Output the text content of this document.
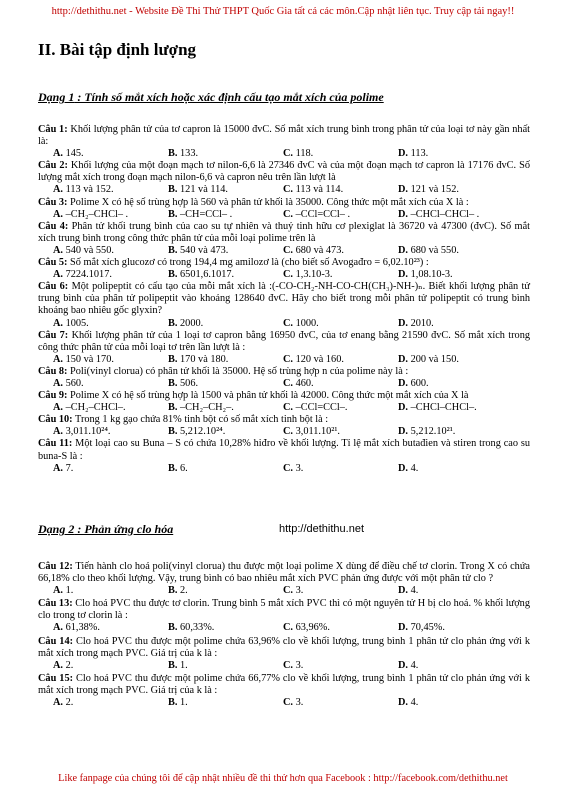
http://dethithu.net - Website Đề Thi Thử THPT Quốc Gia tất cả các môn.Cập nhật liên tục. Truy cập tải ngay!!
II. Bài tập định lượng
Dạng 1 : Tính số mắt xích hoặc xác định cấu tạo mắt xích của polime

Câu 1: Khối lượng phân tử của tơ capron là 15000 đvC. Số mắt xích trung bình trong phân tử của loại tơ này gần nhất là:

A. 145.	B. 133.	C. 118.	D. 113.

Câu 2: Khối lượng của một đoạn mạch tơ nilon-6,6 là 27346 đvC và của một đoạn mạch tơ capron là 17176 đvC. Số lượng mắt xích trong đoạn mạch nilon-6,6 và capron nêu trên lần lượt là

A. 113 và 152.	B. 121 và 114.	C. 113 và 114.	D. 121 và 152.

Câu 3: Polime X có hệ số trùng hợp là 560 và phân tử khối là 35000. Công thức một mắt xích của X là :

A. –CH₂–CHCl– .	B. –CH=CCl– .	C. –CCl=CCl– .	D. –CHCl–CHCl– .

Câu 4: Phân tử khối trung bình của cao su tự nhiên và thuỷ tinh hữu cơ plexiglat là 36720 và 47300 (đvC). Số mắt xích trung bình trong công thức phân tử của mỗi loại polime trên là

A. 540 và 550.	B. 540 và 473.	C. 680 và 473.	D. 680 và 550.

Câu 5: Số mắt xích glucozơ có trong 194,4 mg amilozơ là (cho biết số Avogađro = 6,02.10²³) :

A. 7224.1017.	B. 6501,6.1017.	C. 1,3.10-3.	D. 1,08.10-3.

Câu 6: Một polipeptit có cấu tạo của mỗi mắt xích là :(-CO-CH₂-NH-CO-CH(CH₃)-NH-)ₙ. Biết khối lượng phân tử trung bình của phân tử polipeptit vào khoảng 128640 đvC. Hãy cho biết trong mỗi phân tử polipeptit có trung bình khoảng bao nhiêu gốc glyxin?

A. 1005.	B. 2000.	C. 1000.	D. 2010.

Câu 7: Khối lượng phân tử của 1 loại tơ capron bằng 16950 đvC, của tơ enang bằng 21590 đvC. Số mắt xích trong công thức phân tử của mỗi loại tơ trên lần lượt là :

A. 150 và 170.	B. 170 và 180.	C. 120 và 160.	D. 200 và 150.

Câu 8: Poli(vinyl clorua) có phân tử khối là 35000. Hệ số trùng hợp n của polime này là :

A. 560.	B. 506.	C. 460.	D. 600.

Câu 9: Polime X có hệ số trùng hợp là 1500 và phân tử khối là 42000. Công thức một mắt xích của X là

A. –CH₂–CHCl–.	B. –CH₂–CH₂–.	C. –CCl=CCl–.	D. –CHCl–CHCl–.

Câu 10: Trong 1 kg gạo chứa 81% tinh bột có số mắt xích tinh bột là :

A. 3,011.10²⁴.	B. 5,212.10²⁴.	C. 3,011.10²¹.	D. 5,212.10²¹.

Câu 11: Một loại cao su Buna – S có chứa 10,28% hiđro về khối lượng. Tỉ lệ mắt xích butađien và stiren trong cao su buna-S là :

A. 7.	B. 6.	C. 3.	D. 4.
Dạng 2 : Phản ứng clo hóa	http://dethithu.net

Câu 12: Tiến hành clo hoá poli(vinyl clorua) thu được một loại polime X dùng để điều chế tơ clorin. Trong X có chứa 66,18% clo theo khối lượng. Vậy, trung bình có bao nhiêu mắt xích PVC phản ứng được với một phân tử clo ?

A. 1.	B. 2.	C. 3.	D. 4.

Câu 13: Clo hoá PVC thu được tơ clorin. Trung bình 5 mắt xích PVC thì có một nguyên tử H bị clo hoá. % khối lượng clo trong tơ clorin là :

A. 61,38%.	B. 60,33%.	C. 63,96%.	D. 70,45%.

Câu 14: Clo hoá PVC thu được một polime chứa 63,96% clo về khối lượng, trung bình 1 phân tử clo phản ứng với k mắt xích trong mạch PVC. Giá trị của k là :

A. 2.	B. 1.	C. 3.	D. 4.

Câu 15: Clo hoá PVC thu được một polime chứa 66,77% clo về khối lượng, trung bình 1 phân tử clo phản ứng với k mắt xích trong mạch PVC. Giá trị của k là :

A. 2.	B. 1.	C. 3.	D. 4.
Like fanpage của chúng tôi để cập nhật nhiều đề thi thử hơn qua Facebook : http://facebook.com/dethithu.net
